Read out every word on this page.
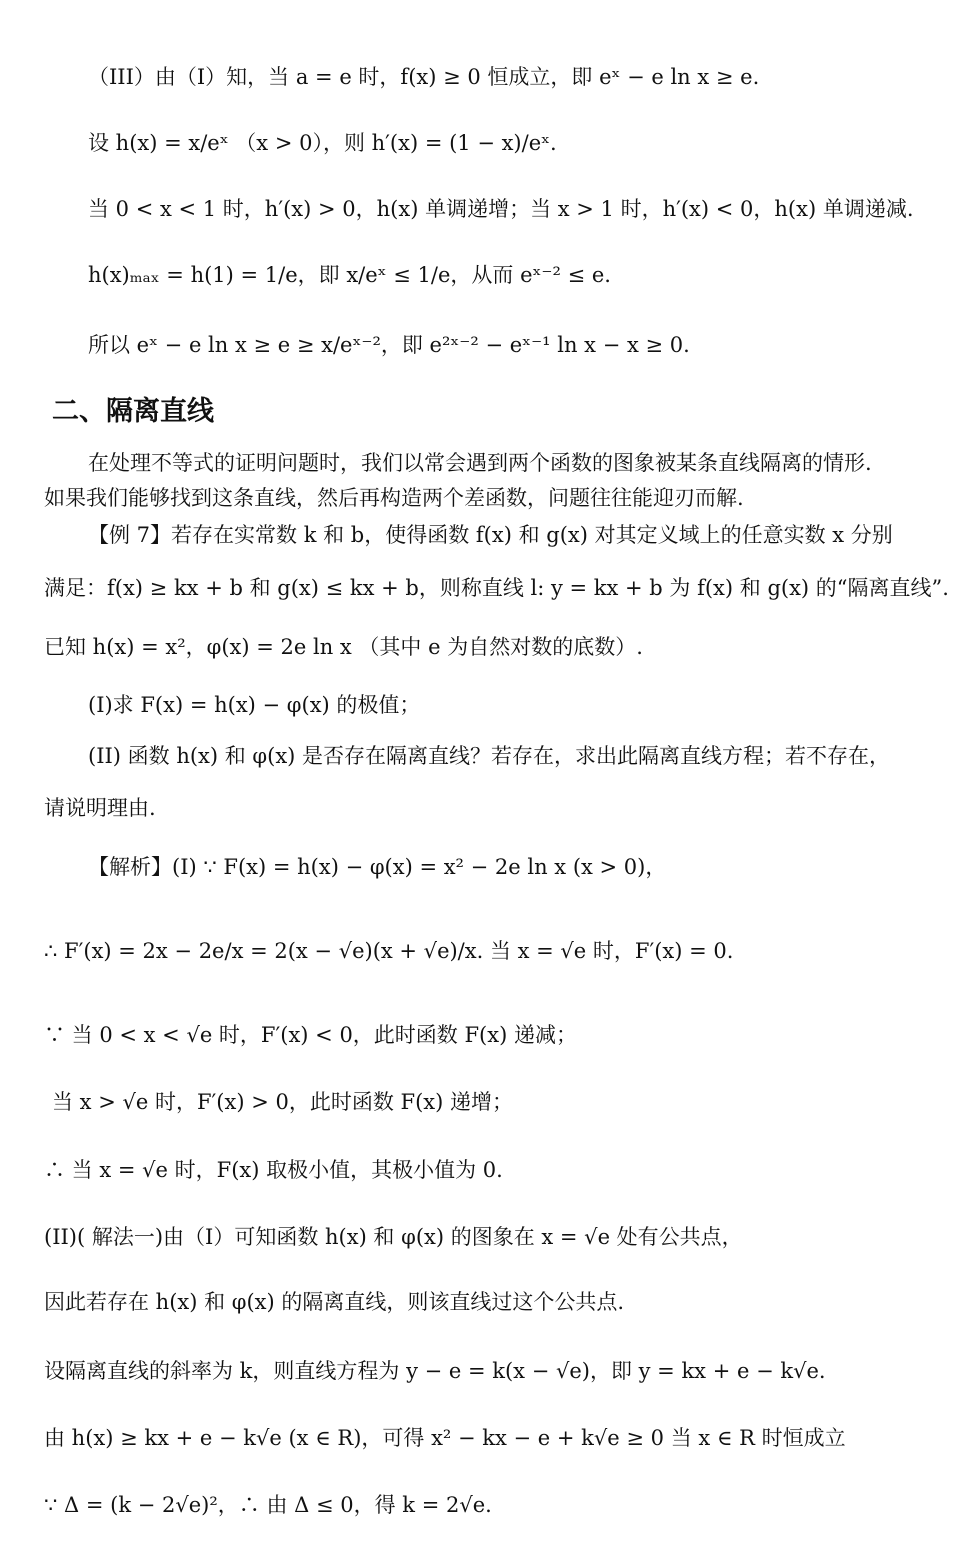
（III）由（I）知，当 a = e 时，f(x) ≥ 0 恒成立，即 eˣ − e ln x ≥ e.
设 h(x) = x/eˣ （x > 0），则 h′(x) = (1 − x)/eˣ.
当 0 < x < 1 时，h′(x) > 0，h(x) 单调递增；当 x > 1 时，h′(x) < 0，h(x) 单调递减.
h(x)ₘₐₓ = h(1) = 1/e，即 x/eˣ ≤ 1/e，从而 eˣ⁻² ≤ e.
所以 eˣ − e ln x ≥ e ≥ x/eˣ⁻²，即 e²ˣ⁻² − eˣ⁻¹ ln x − x ≥ 0.
二、隔离直线
在处理不等式的证明问题时，我们以常会遇到两个函数的图象被某条直线隔离的情形.
如果我们能够找到这条直线，然后再构造两个差函数，问题往往能迎刃而解.
【例 7】若存在实常数 k 和 b，使得函数 f(x) 和 g(x) 对其定义域上的任意实数 x 分别
满足：f(x) ≥ kx + b 和 g(x) ≤ kx + b，则称直线 l: y = kx + b 为 f(x) 和 g(x) 的“隔离直线”.
已知 h(x) = x²，φ(x) = 2e ln x （其中 e 为自然对数的底数）.
(I)求 F(x) = h(x) − φ(x) 的极值；
(II) 函数 h(x) 和 φ(x) 是否存在隔离直线？若存在，求出此隔离直线方程；若不存在，
请说明理由.
【解析】(I) ∵ F(x) = h(x) − φ(x) = x² − 2e ln x (x > 0)，
∴ F′(x) = 2x − 2e/x = 2(x − √e)(x + √e)/x. 当 x = √e 时，F′(x) = 0.
∵ 当 0 < x < √e 时，F′(x) < 0，此时函数 F(x) 递减；
当 x > √e 时，F′(x) > 0，此时函数 F(x) 递增；
∴ 当 x = √e 时，F(x) 取极小值，其极小值为 0.
(II)( 解法一)由（I）可知函数 h(x) 和 φ(x) 的图象在 x = √e 处有公共点，
因此若存在 h(x) 和 φ(x) 的隔离直线，则该直线过这个公共点.
设隔离直线的斜率为 k，则直线方程为 y − e = k(x − √e)，即 y = kx + e − k√e.
由 h(x) ≥ kx + e − k√e (x ∈ R)，可得 x² − kx − e + k√e ≥ 0 当 x ∈ R 时恒成立
∵ Δ = (k − 2√e)²，∴ 由 Δ ≤ 0，得 k = 2√e.
